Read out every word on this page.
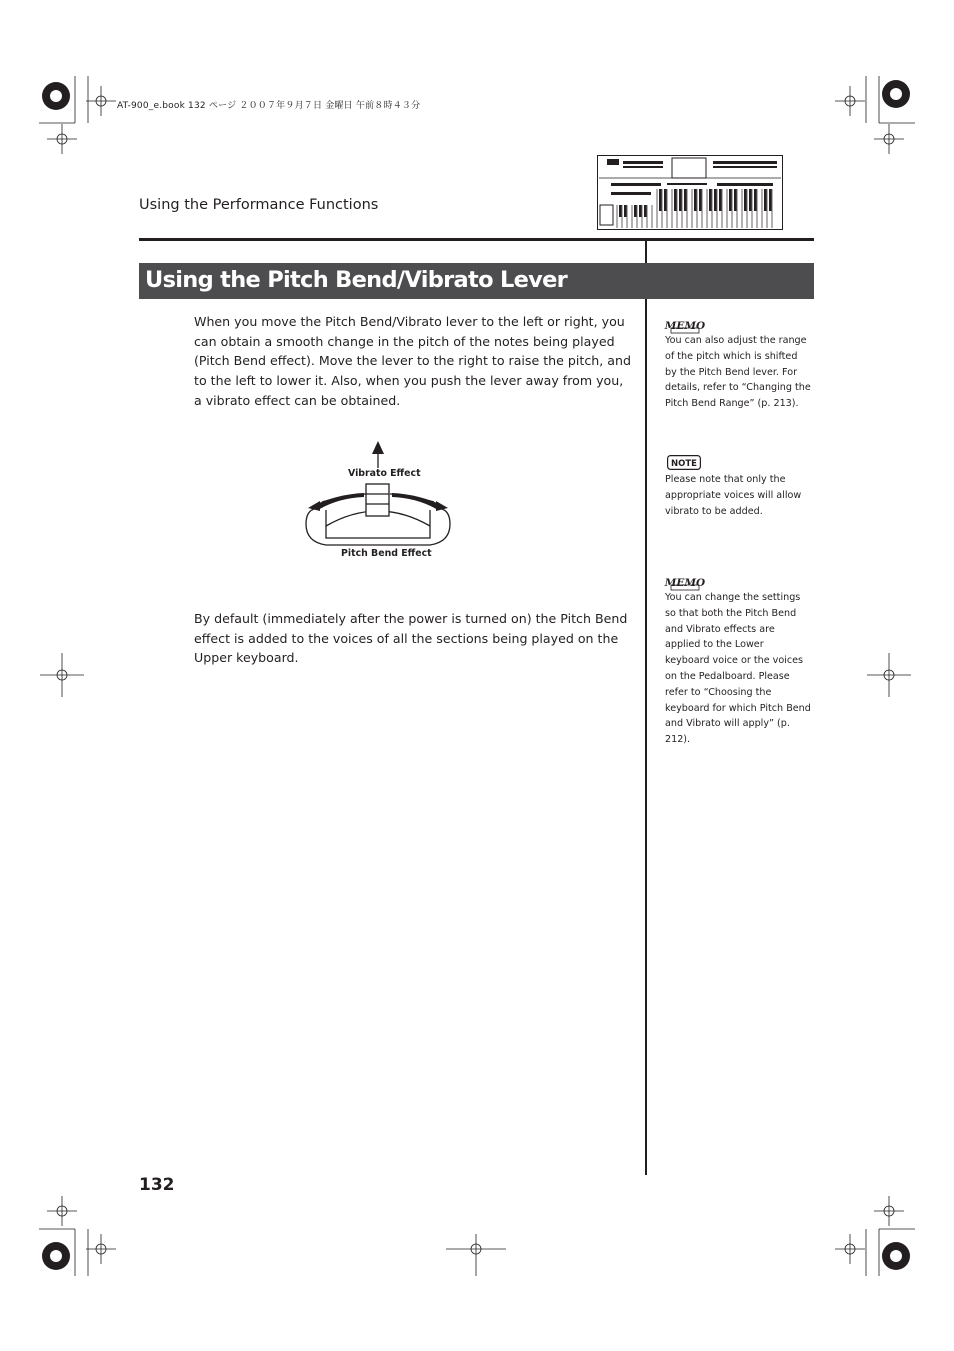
AT-900_e.book 132 ページ ２００７年９月７日 金曜日 午前８時４３分
Using the Performance Functions
Using the Pitch Bend/Vibrato Lever
When you move the Pitch Bend/Vibrato lever to the left or right, you can obtain a smooth change in the pitch of the notes being played (Pitch Bend effect). Move the lever to the right to raise the pitch, and to the left to lower it. Also, when you push the lever away from you, a vibrato effect can be obtained.
Vibrato Effect
Pitch Bend Effect
By default (immediately after the power is turned on) the Pitch Bend effect is added to the voices of all the sections being played on the Upper keyboard.
MEMO
You can also adjust the range of the pitch which is shifted by the Pitch Bend lever. For details, refer to “Changing the Pitch Bend Range” (p. 213).
NOTE
Please note that only the appropriate voices will allow vibrato to be added.
MEMO
You can change the settings so that both the Pitch Bend and Vibrato effects are applied to the Lower keyboard voice or the voices on the Pedalboard. Please refer to “Choosing the keyboard for which Pitch Bend and Vibrato will apply” (p. 212).
132
